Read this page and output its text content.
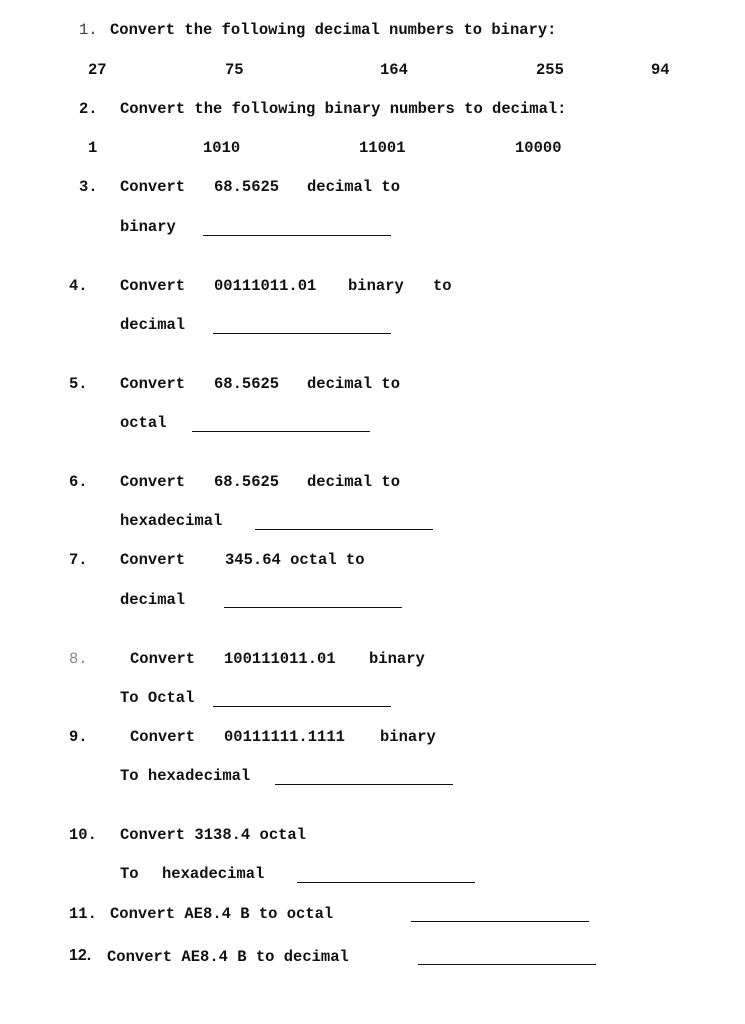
1. Convert the following decimal numbers to binary:
27	75	164	255	94
2. Convert the following binary numbers to decimal:
1	1010	11001	10000
3. Convert 68.5625 decimal to
binary
4. Convert 00111011.01 binary to
decimal
5. Convert 68.5625 decimal to
octal
6. Convert 68.5625 decimal to
hexadecimal
7. Convert	345.64 octal to
decimal
8.	Convert 100111011.01 binary
To Octal
9.	Convert 00111111.1111 binary
To hexadecimal
10. Convert 3138.4 octal
To hexadecimal
11. Convert AE8.4 B to octal
12. Convert AE8.4 B to decimal
